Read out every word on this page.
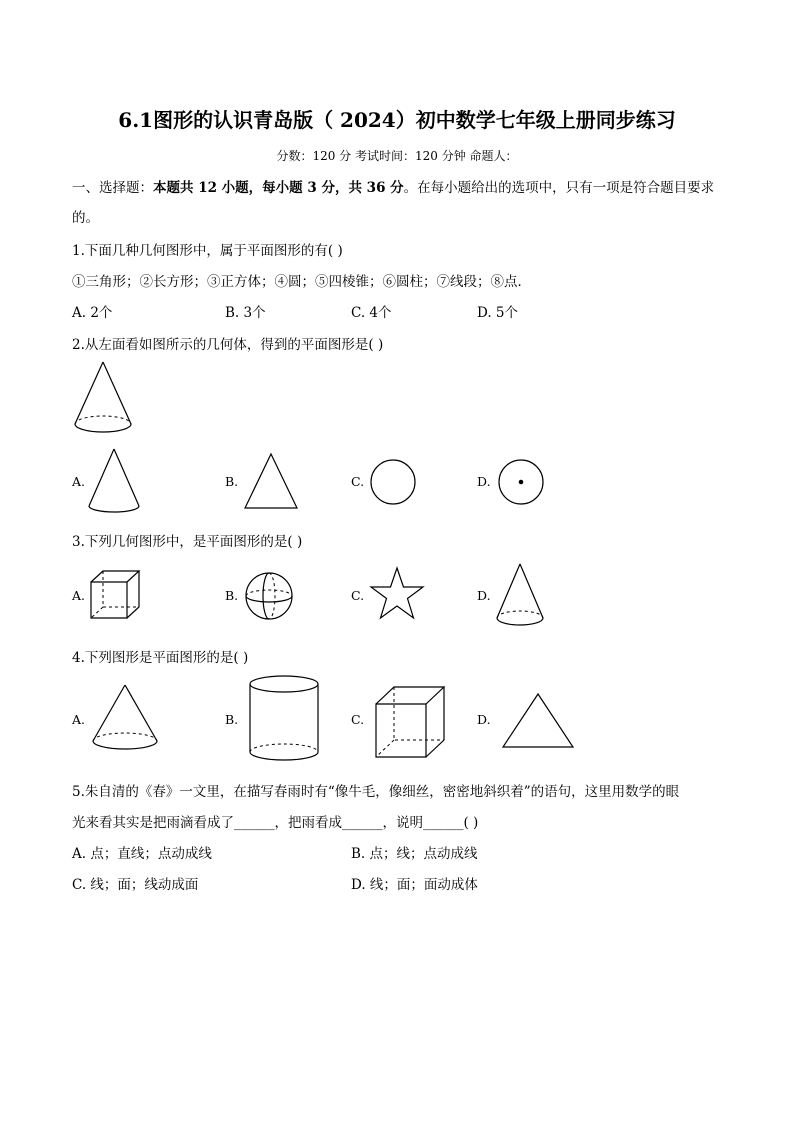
6.1图形的认识青岛版（ 2024）初中数学七年级上册同步练习
分数：120 分 考试时间：120 分钟 命题人：
一、选择题：本题共 12 小题，每小题 3 分，共 36 分。在每小题给出的选项中，只有一项是符合题目要求
的。
1.下面几种几何图形中，属于平面图形的有( )
①三角形；②长方形；③正方体；④圆；⑤四棱锥；⑥圆柱；⑦线段；⑧点．
A. 2个	B. 3个	C. 4个	D. 5个
2.从左面看如图所示的几何体，得到的平面图形是( )
A.	B.	C.	D.
3.下列几何图形中，是平面图形的是( )
A.	B.	C.	D.
4.下列图形是平面图形的是( )
A.	B.	C.	D.
5.朱自清的《春》一文里，在描写春雨时有“像牛毛，像细丝，密密地斜织着”的语句，这里用数学的眼
光来看其实是把雨滴看成了______，把雨看成______，说明______( )
A. 点；直线；点动成线	B. 点；线；点动成线
C. 线；面；线动成面	D. 线；面；面动成体
